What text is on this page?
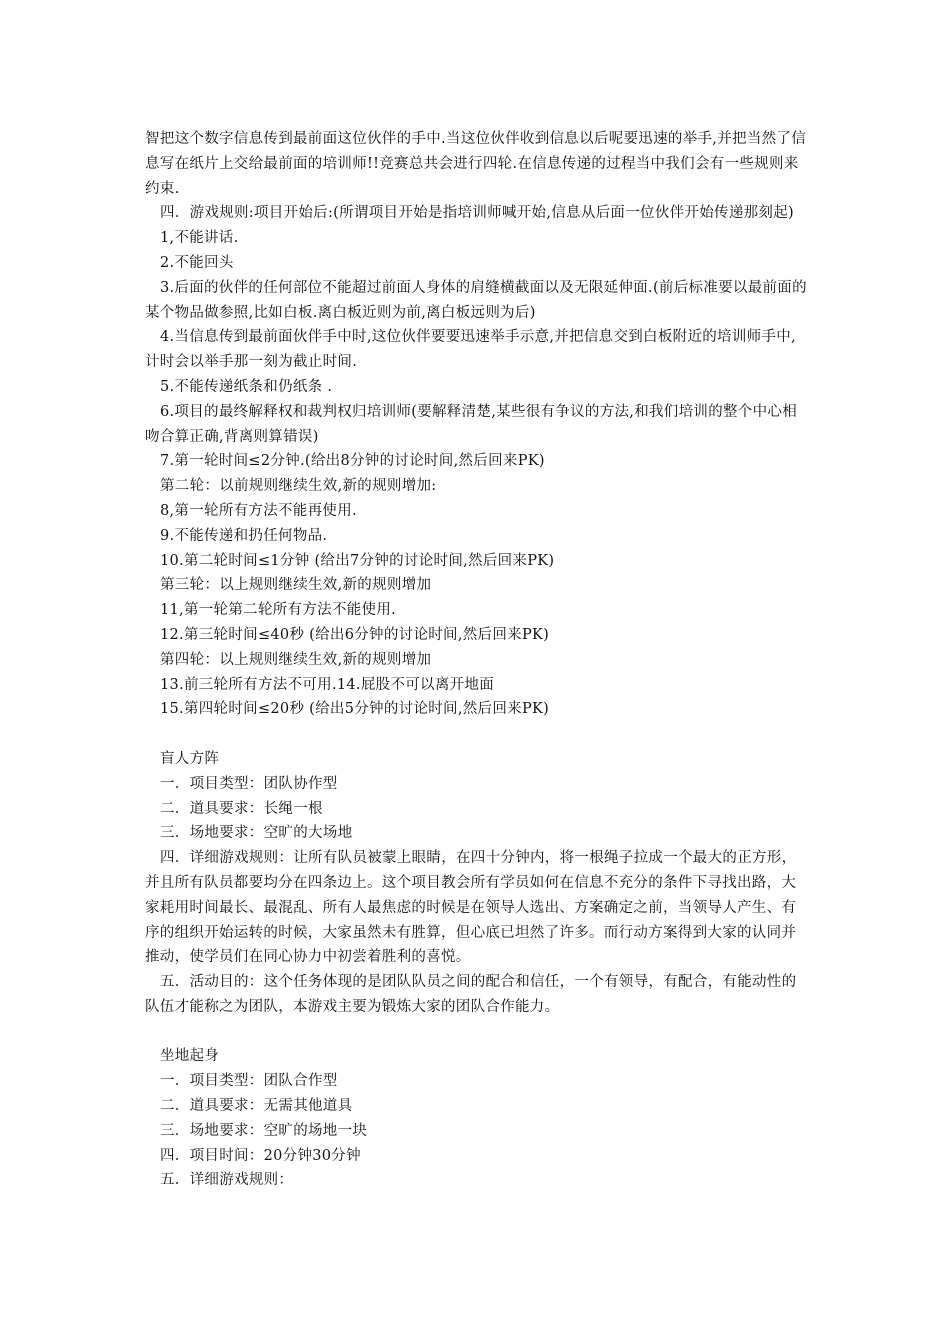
智把这个数字信息传到最前面这位伙伴的手中.当这位伙伴收到信息以后呢要迅速的举手,并把当然了信息写在纸片上交给最前面的培训师!!竞赛总共会进行四轮.在信息传递的过程当中我们会有一些规则来约束.

四．游戏规则:项目开始后:(所谓项目开始是指培训师喊开始,信息从后面一位伙伴开始传递那刻起)

1,不能讲话.

2.不能回头

3.后面的伙伴的任何部位不能超过前面人身体的肩缝横截面以及无限延伸面.(前后标准要以最前面的某个物品做参照,比如白板.离白板近则为前,离白板远则为后)

4.当信息传到最前面伙伴手中时,这位伙伴要要迅速举手示意,并把信息交到白板附近的培训师手中,计时会以举手那一刻为截止时间.

5.不能传递纸条和仍纸条 .

6.项目的最终解释权和裁判权归培训师(要解释清楚,某些很有争议的方法,和我们培训的整个中心相吻合算正确,背离则算错误)

7.第一轮时间≤2分钟.(给出8分钟的讨论时间,然后回来PK)

第二轮：以前规则继续生效,新的规则增加:

8,第一轮所有方法不能再使用.

9.不能传递和扔任何物品.

10.第二轮时间≤1分钟 (给出7分钟的讨论时间,然后回来PK)

第三轮：以上规则继续生效,新的规则增加

11,第一轮第二轮所有方法不能使用.

12.第三轮时间≤40秒 (给出6分钟的讨论时间,然后回来PK)

第四轮：以上规则继续生效,新的规则增加

13.前三轮所有方法不可用.14.屁股不可以离开地面

15.第四轮时间≤20秒 (给出5分钟的讨论时间,然后回来PK)

盲人方阵

一．项目类型：团队协作型

二．道具要求：长绳一根

三．场地要求：空旷的大场地

四．详细游戏规则：让所有队员被蒙上眼睛，在四十分钟内，将一根绳子拉成一个最大的正方形，并且所有队员都要均分在四条边上。这个项目教会所有学员如何在信息不充分的条件下寻找出路，大家耗用时间最长、最混乱、所有人最焦虑的时候是在领导人选出、方案确定之前，当领导人产生、有序的组织开始运转的时候，大家虽然未有胜算，但心底已坦然了许多。而行动方案得到大家的认同并推动，使学员们在同心协力中初尝着胜利的喜悦。

五．活动目的：这个任务体现的是团队队员之间的配合和信任，一个有领导，有配合，有能动性的队伍才能称之为团队，本游戏主要为锻炼大家的团队合作能力。

坐地起身

一．项目类型：团队合作型

二．道具要求：无需其他道具

三．场地要求：空旷的场地一块

四．项目时间：20分钟30分钟

五．详细游戏规则：
